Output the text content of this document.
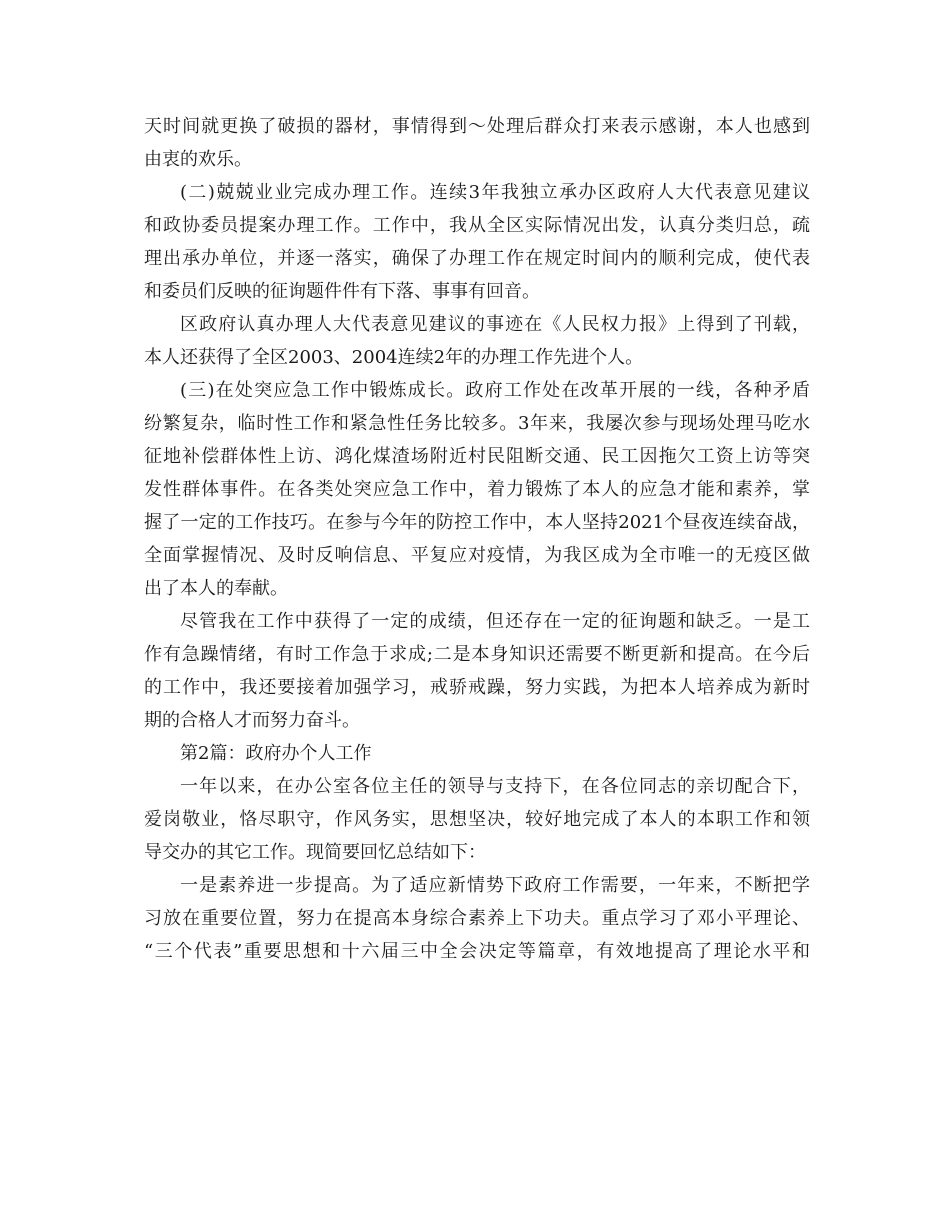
天时间就更换了破损的器材，事情得到～处理后群众打来表示感谢，本人也感到
由衷的欢乐。
(二)兢兢业业完成办理工作。连续3年我独立承办区政府人大代表意见建议
和政协委员提案办理工作。工作中，我从全区实际情况出发，认真分类归总，疏
理出承办单位，并逐一落实，确保了办理工作在规定时间内的顺利完成，使代表
和委员们反映的征询题件件有下落、事事有回音。
区政府认真办理人大代表意见建议的事迹在《人民权力报》上得到了刊载，
本人还获得了全区2003、2004连续2年的办理工作先进个人。
(三)在处突应急工作中锻炼成长。政府工作处在改革开展的一线，各种矛盾
纷繁复杂，临时性工作和紧急性任务比较多。3年来，我屡次参与现场处理马吃水
征地补偿群体性上访、鸿化煤渣场附近村民阻断交通、民工因拖欠工资上访等突
发性群体事件。在各类处突应急工作中，着力锻炼了本人的应急才能和素养，掌
握了一定的工作技巧。在参与今年的防控工作中，本人坚持2021个昼夜连续奋战，
全面掌握情况、及时反响信息、平复应对疫情，为我区成为全市唯一的无疫区做
出了本人的奉献。
尽管我在工作中获得了一定的成绩，但还存在一定的征询题和缺乏。一是工
作有急躁情绪，有时工作急于求成;二是本身知识还需要不断更新和提高。在今后
的工作中，我还要接着加强学习，戒骄戒躁，努力实践，为把本人培养成为新时
期的合格人才而努力奋斗。
第2篇：政府办个人工作
一年以来，在办公室各位主任的领导与支持下，在各位同志的亲切配合下，
爱岗敬业，恪尽职守，作风务实，思想坚决，较好地完成了本人的本职工作和领
导交办的其它工作。现简要回忆总结如下：
一是素养进一步提高。为了适应新情势下政府工作需要，一年来，不断把学
习放在重要位置，努力在提高本身综合素养上下功夫。重点学习了邓小平理论、
“三个代表”重要思想和十六届三中全会决定等篇章，有效地提高了理论水平和
